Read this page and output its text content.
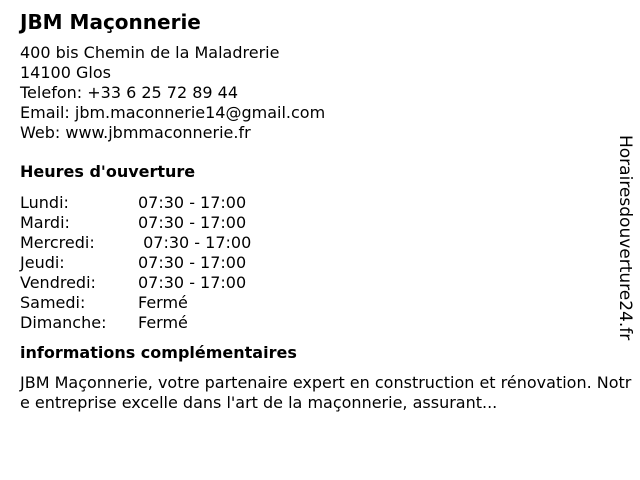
JBM Maçonnerie
400 bis Chemin de la Maladrerie
14100 Glos
Telefon: +33 6 25 72 89 44
Email: jbm.maconnerie14@gmail.com
Web: www.jbmmaconnerie.fr
Heures d'ouverture
Lundi:	07:30 - 17:00
Mardi:	07:30 - 17:00
Mercredi:	07:30 - 17:00
Jeudi:	07:30 - 17:00
Vendredi:	07:30 - 17:00
Samedi:	Fermé
Dimanche:	Fermé
informations complémentaires
JBM Maçonnerie, votre partenaire expert en construction et rénovation. Notre entreprise excelle dans l'art de la maçonnerie, assurant...
Horairesdouverture24.fr
